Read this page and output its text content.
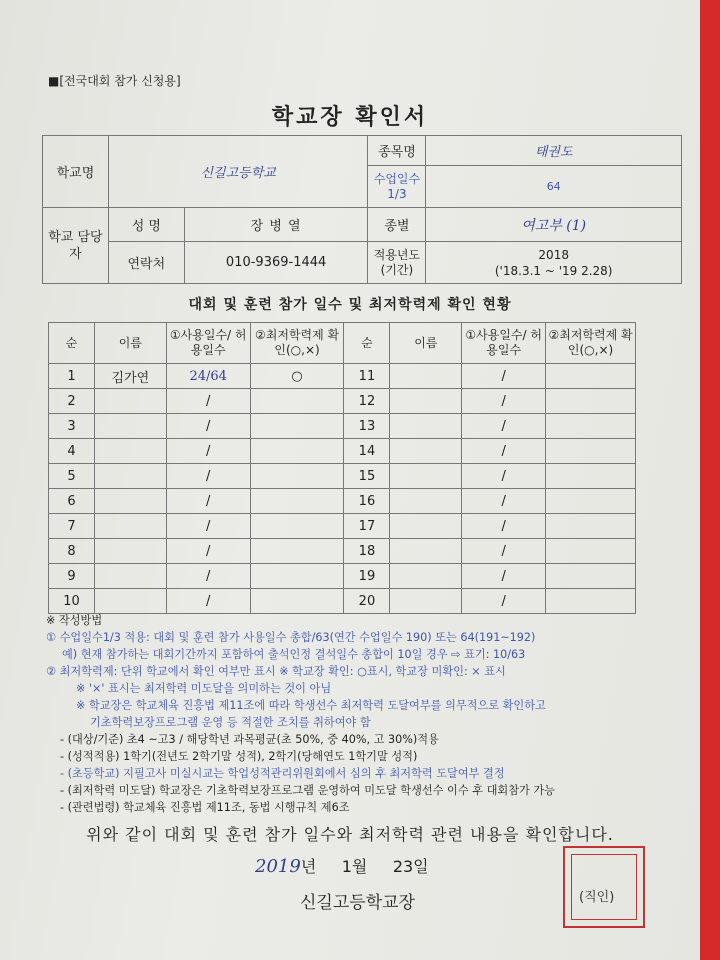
■[전국대회 참가 신청용]
학교장 확인서
학교명	신길고등학교		종목명	태권도
			수업일수 1/3	64
학교 담당자	성 명	장 병 열	종별	여고부 (1)
	연락처	010-9369-1444	적용년도 (기간)	2018
('18.3.1 ~ '19 2.28)
대회 및 훈련 참가 일수 및 최저학력제 확인 현황
순	이름	①사용일수/ 허용일수	②최저학력제 확인(○,×)	순	이름	①사용일수/ 허용일수	②최저학력제 확인(○,×)
1	김가연	24/64	○	11		/	
2		/		12		/	
3		/		13		/	
4		/		14		/	
5		/		15		/	
6		/		16		/	
7		/		17		/	
8		/		18		/	
9		/		19		/	
10		/		20		/	
※ 작성방법
① 수업일수1/3 적용: 대회 및 훈련 참가 사용일수 총합/63(연간 수업일수 190) 또는 64(191~192)
예) 현재 참가하는 대회기간까지 포함하여 출석인정 결석일수 총합이 10일 경우 ⇨ 표기: 10/63
② 최저학력제: 단위 학교에서 확인 여부만 표시 ※ 학교장 확인: ○표시, 학교장 미확인: × 표시
※ '×' 표시는 최저학력 미도달을 의미하는 것이 아님
※ 학교장은 학교체육 진흥법 제11조에 따라 학생선수 최저학력 도달여부를 의무적으로 확인하고
기초학력보장프로그램 운영 등 적절한 조치를 취하여야 함
- (대상/기준) 초4 ~고3 / 해당학년 과목평균(초 50%, 중 40%, 고 30%)적용
- (성적적용) 1학기(전년도 2학기말 성적), 2학기(당해연도 1학기말 성적)
- (초등학교) 지필고사 미실시교는 학업성적관리위원회에서 심의 후 최저학력 도달여부 결정
- (최저학력 미도달) 학교장은 기초학력보장프로그램 운영하여 미도달 학생선수 이수 후 대회참가 가능
- (관련법령) 학교체육 진흥법 제11조, 동법 시행규칙 제6조
위와 같이 대회 및 훈련 참가 일수와 최저학력 관련 내용을 확인합니다.
2019년 1월 23일
신길고등학교장	(직인)
